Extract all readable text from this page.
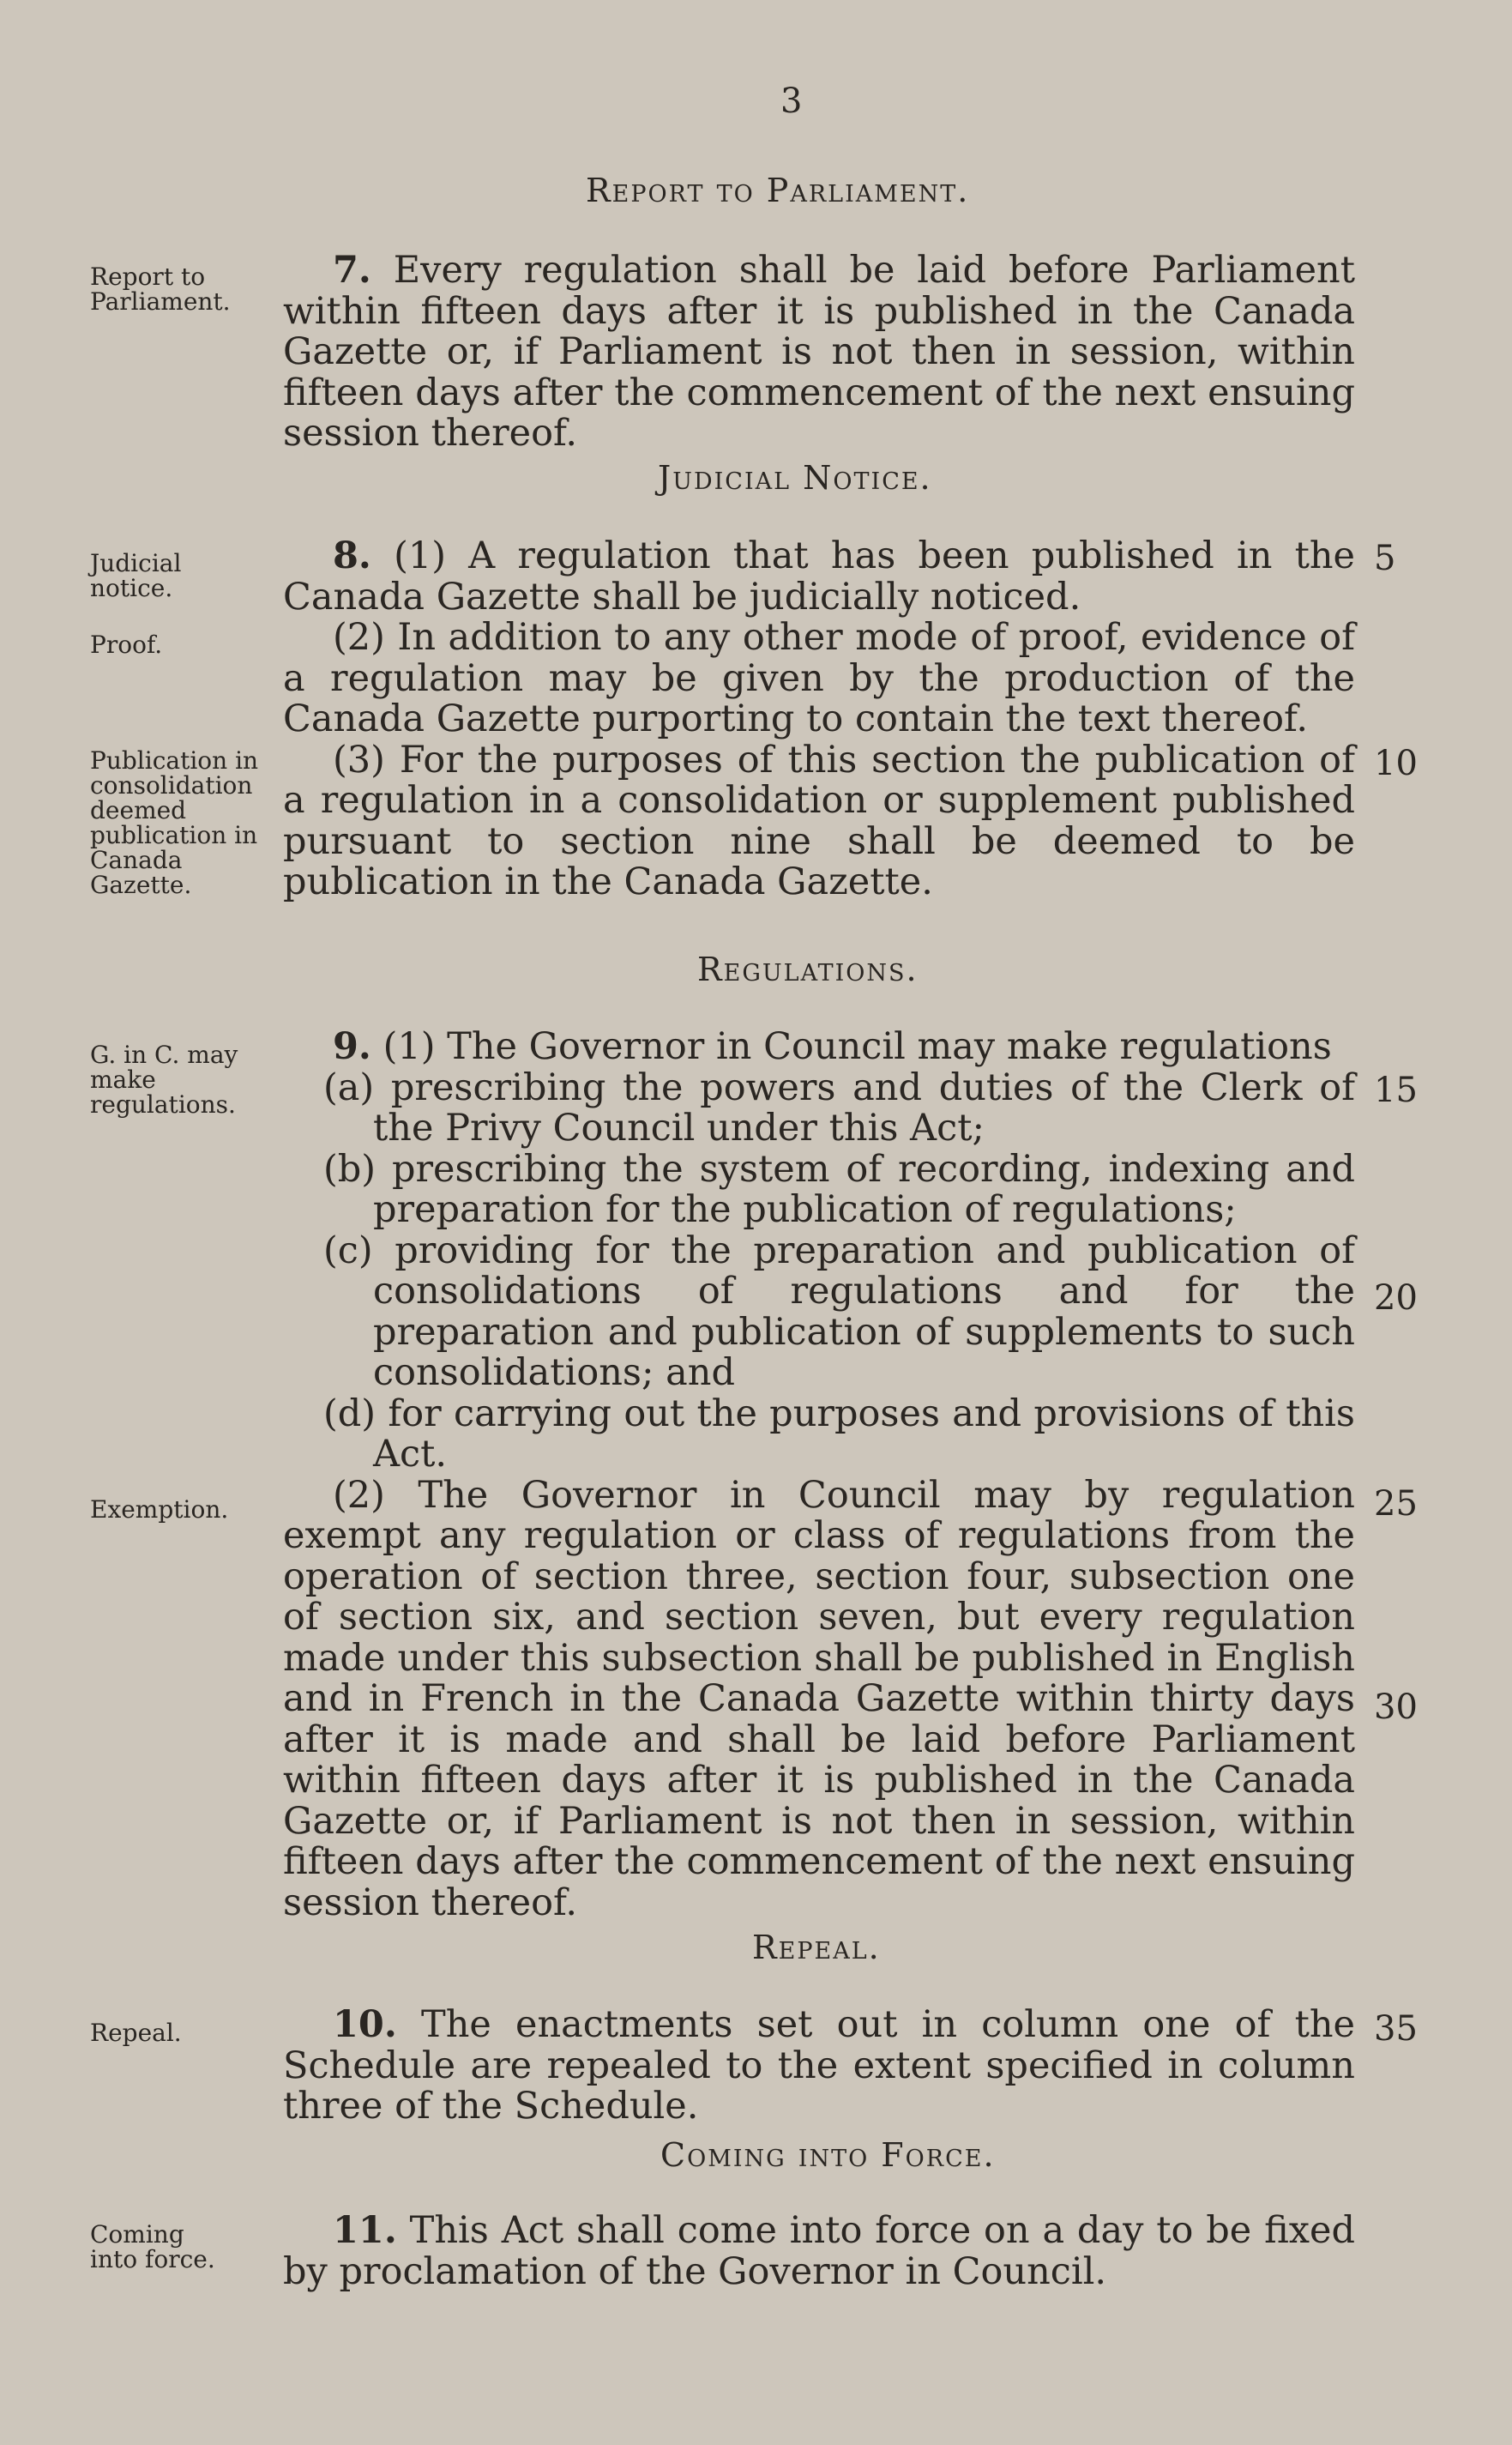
3
Report to Parliament.
Report to Parliament.

7. Every regulation shall be laid before Parliament within fifteen days after it is published in the Canada Gazette or, if Parliament is not then in session, within fifteen days after the commencement of the next ensuing session thereof.

Judicial Notice.
Judicial notice.
Proof.
Publication in consolidation deemed publication in Canada Gazette.

8. (1) A regulation that has been published in the Canada Gazette shall be judicially noticed.

(2) In addition to any other mode of proof, evidence of a regulation may be given by the production of the Canada Gazette purporting to contain the text thereof.

(3) For the purposes of this section the publication of a regulation in a consolidation or supplement published pursuant to section nine shall be deemed to be publication in the Canada Gazette.

Regulations.
G. in C. may make regulations.
Exemption.

9. (1) The Governor in Council may make regulations

(a) prescribing the powers and duties of the Clerk of the Privy Council under this Act;

(b) prescribing the system of recording, indexing and preparation for the publication of regulations;

(c) providing for the preparation and publication of consolidations of regulations and for the preparation and publication of supplements to such consolidations; and

(d) for carrying out the purposes and provisions of this Act.

(2) The Governor in Council may by regulation exempt any regulation or class of regulations from the operation of section three, section four, subsection one of section six, and section seven, but every regulation made under this subsection shall be published in English and in French in the Canada Gazette within thirty days after it is made and shall be laid before Parliament within fifteen days after it is published in the Canada Gazette or, if Parliament is not then in session, within fifteen days after the commencement of the next ensuing session thereof.

Repeal.
Repeal.	10. The enactments set out in column one of the Schedule are repealed to the extent specified in column three of the Schedule.

Coming into Force.
Coming into force.

11. This Act shall come into force on a day to be fixed by proclamation of the Governor in Council.

5
10
15
20
25
30
35
